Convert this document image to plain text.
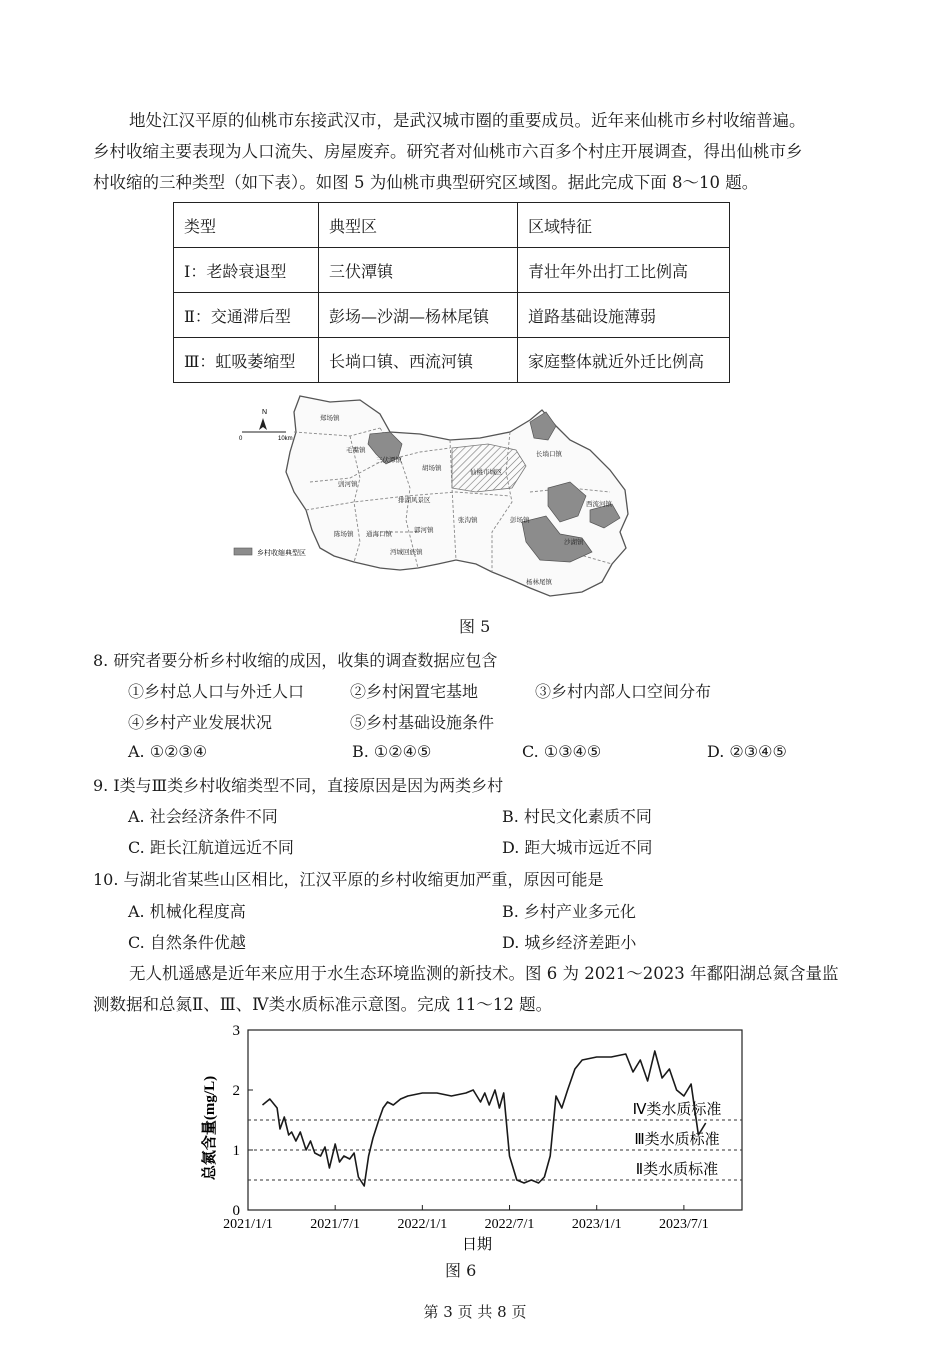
地处江汉平原的仙桃市东接武汉市，是武汉城市圈的重要成员。近年来仙桃市乡村收缩普遍。
乡村收缩主要表现为人口流失、房屋废弃。研究者对仙桃市六百多个村庄开展调查，得出仙桃市乡
村收缩的三种类型（如下表）。如图 5 为仙桃市典型研究区域图。据此完成下面 8～10 题。
类型	典型区	区域特征
Ⅰ：老龄衰退型	三伏潭镇	青壮年外出打工比例高
Ⅱ：交通滞后型	彭场—沙湖—杨林尾镇	道路基础设施薄弱
Ⅲ：虹吸萎缩型	长埫口镇、西流河镇	家庭整体就近外迁比例高
N
0	10km
乡村收缩典型区
郑场镇
毛嘴镇
三伏潭镇
胡场镇
仙桃市城区
长埫口镇
剅河镇
排湖风景区
西流河镇
陈场镇 通海口镇
郭河镇
张沟镇	彭场镇
沙湖镇
沔城回族镇
杨林尾镇
图 5
8. 研究者要分析乡村收缩的成因，收集的调查数据应包含
①乡村总人口与外迁人口	②乡村闲置宅基地	③乡村内部人口空间分布
④乡村产业发展状况	⑤乡村基础设施条件
A. ①②③④	B. ①②④⑤	C. ①③④⑤	D. ②③④⑤
9. Ⅰ类与Ⅲ类乡村收缩类型不同，直接原因是因为两类乡村
A. 社会经济条件不同	B. 村民文化素质不同
C. 距长江航道远近不同	D. 距大城市远近不同
10. 与湖北省某些山区相比，江汉平原的乡村收缩更加严重，原因可能是
A. 机械化程度高	B. 乡村产业多元化
C. 自然条件优越	D. 城乡经济差距小
无人机遥感是近年来应用于水生态环境监测的新技术。图 6 为 2021～2023 年鄱阳湖总氮含量监
测数据和总氮Ⅱ、Ⅲ、Ⅳ类水质标准示意图。完成 11～12 题。
Ⅳ类水质标准
Ⅲ类水质标准
Ⅱ类水质标准
0
1
2
3
2021/1/1	2021/7/1	2022/1/1	2022/7/1	2023/1/1	2023/7/1
总氮含量(mg/L)
日期
图 6
第 3 页 共 8 页
